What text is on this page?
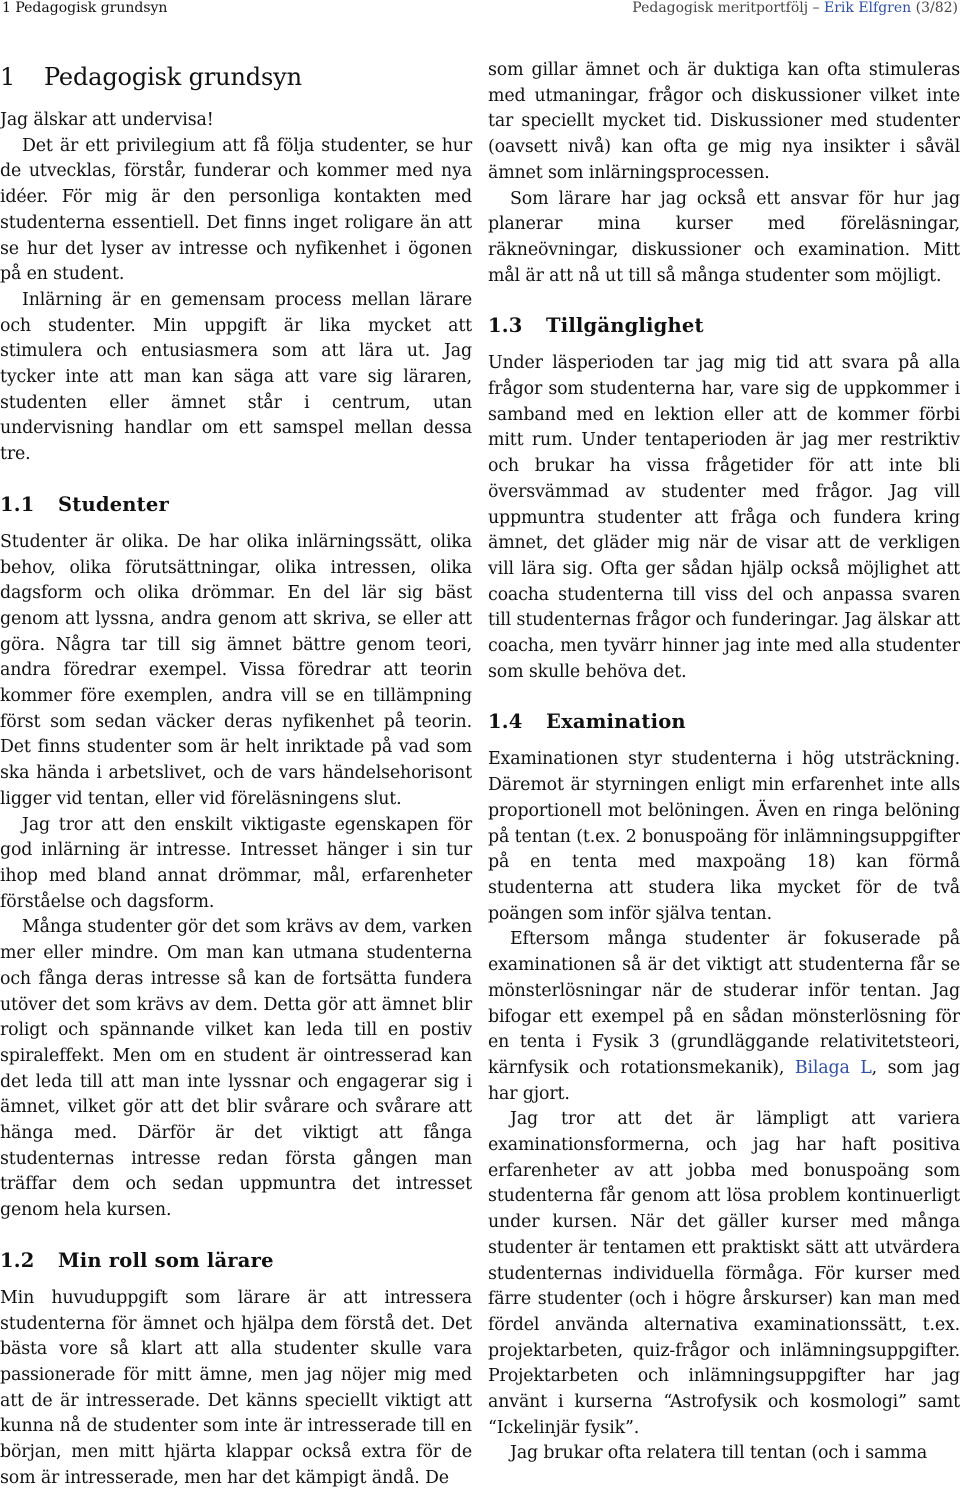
1 Pedagogisk grundsyn	Pedagogisk meritportfölj – Erik Elfgren (3/82)
1 Pedagogisk grundsyn

Jag älskar att undervisa!

Det är ett privilegium att få följa studenter, se hur de utvecklas, förstår, funderar och kommer med nya idéer. För mig är den personliga kontakten med studenterna essentiell. Det finns inget roligare än att se hur det lyser av intresse och nyfikenhet i ögonen på en student.

Inlärning är en gemensam process mellan lärare och studenter. Min uppgift är lika mycket att stimulera och entusiasmera som att lära ut. Jag tycker inte att man kan säga att vare sig läraren, studenten eller ämnet står i centrum, utan undervisning handlar om ett samspel mellan dessa tre.

1.1 Studenter

Studenter är olika. De har olika inlärningssätt, olika behov, olika förutsättningar, olika intressen, olika dagsform och olika drömmar. En del lär sig bäst genom att lyssna, andra genom att skriva, se eller att göra. Några tar till sig ämnet bättre genom teori, andra föredrar exempel. Vissa föredrar att teorin kommer före exemplen, andra vill se en tillämpning först som sedan väcker deras nyfikenhet på teorin. Det finns studenter som är helt inriktade på vad som ska hända i arbetslivet, och de vars händelsehorisont ligger vid tentan, eller vid föreläsningens slut.

Jag tror att den enskilt viktigaste egenskapen för god inlärning är intresse. Intresset hänger i sin tur ihop med bland annat drömmar, mål, erfarenheter förståelse och dagsform.

Många studenter gör det som krävs av dem, varken mer eller mindre. Om man kan utmana studenterna och fånga deras intresse så kan de fortsätta fundera utöver det som krävs av dem. Detta gör att ämnet blir roligt och spännande vilket kan leda till en postiv spiraleffekt. Men om en student är ointresserad kan det leda till att man inte lyssnar och engagerar sig i ämnet, vilket gör att det blir svårare och svårare att hänga med. Därför är det viktigt att fånga studenternas intresse redan första gången man träffar dem och sedan uppmuntra det intresset genom hela kursen.

1.2 Min roll som lärare

Min huvuduppgift som lärare är att intressera studenterna för ämnet och hjälpa dem förstå det. Det bästa vore så klart att alla studenter skulle vara passionerade för mitt ämne, men jag nöjer mig med att de är intresserade. Det känns speciellt viktigt att kunna nå de studenter som inte är intresserade till en början, men mitt hjärta klappar också extra för de som är intresserade, men har det kämpigt ändå. De

som gillar ämnet och är duktiga kan ofta stimuleras med utmaningar, frågor och diskussioner vilket inte tar speciellt mycket tid. Diskussioner med studenter (oavsett nivå) kan ofta ge mig nya insikter i såväl ämnet som inlärningsprocessen.

Som lärare har jag också ett ansvar för hur jag planerar mina kurser med föreläsningar, räkneövningar, diskussioner och examination. Mitt mål är att nå ut till så många studenter som möjligt.

1.3 Tillgänglighet

Under läsperioden tar jag mig tid att svara på alla frågor som studenterna har, vare sig de uppkommer i samband med en lektion eller att de kommer förbi mitt rum. Under tentaperioden är jag mer restriktiv och brukar ha vissa frågetider för att inte bli översvämmad av studenter med frågor. Jag vill uppmuntra studenter att fråga och fundera kring ämnet, det gläder mig när de visar att de verkligen vill lära sig. Ofta ger sådan hjälp också möjlighet att coacha studenterna till viss del och anpassa svaren till studenternas frågor och funderingar. Jag älskar att coacha, men tyvärr hinner jag inte med alla studenter som skulle behöva det.

1.4 Examination

Examinationen styr studenterna i hög utsträckning. Däremot är styrningen enligt min erfarenhet inte alls proportionell mot belöningen. Även en ringa belöning på tentan (t.ex. 2 bonuspoäng för inlämningsuppgifter på en tenta med maxpoäng 18) kan förmå studenterna att studera lika mycket för de två poängen som inför själva tentan.

Eftersom många studenter är fokuserade på examinationen så är det viktigt att studenterna får se mönsterlösningar när de studerar inför tentan. Jag bifogar ett exempel på en sådan mönsterlösning för en tenta i Fysik 3 (grundläggande relativitetsteori, kärnfysik och rotationsmekanik), Bilaga L, som jag har gjort.

Jag tror att det är lämpligt att variera examinationsformerna, och jag har haft positiva erfarenheter av att jobba med bonuspoäng som studenterna får genom att lösa problem kontinuerligt under kursen. När det gäller kurser med många studenter är tentamen ett praktiskt sätt att utvärdera studenternas individuella förmåga. För kurser med färre studenter (och i högre årskurser) kan man med fördel använda alternativa examinationssätt, t.ex. projektarbeten, quiz-frågor och inlämningsuppgifter. Projektarbeten och inlämningsuppgifter har jag använt i kurserna “Astrofysik och kosmologi” samt “Ickelinjär fysik”.

Jag brukar ofta relatera till tentan (och i samma
